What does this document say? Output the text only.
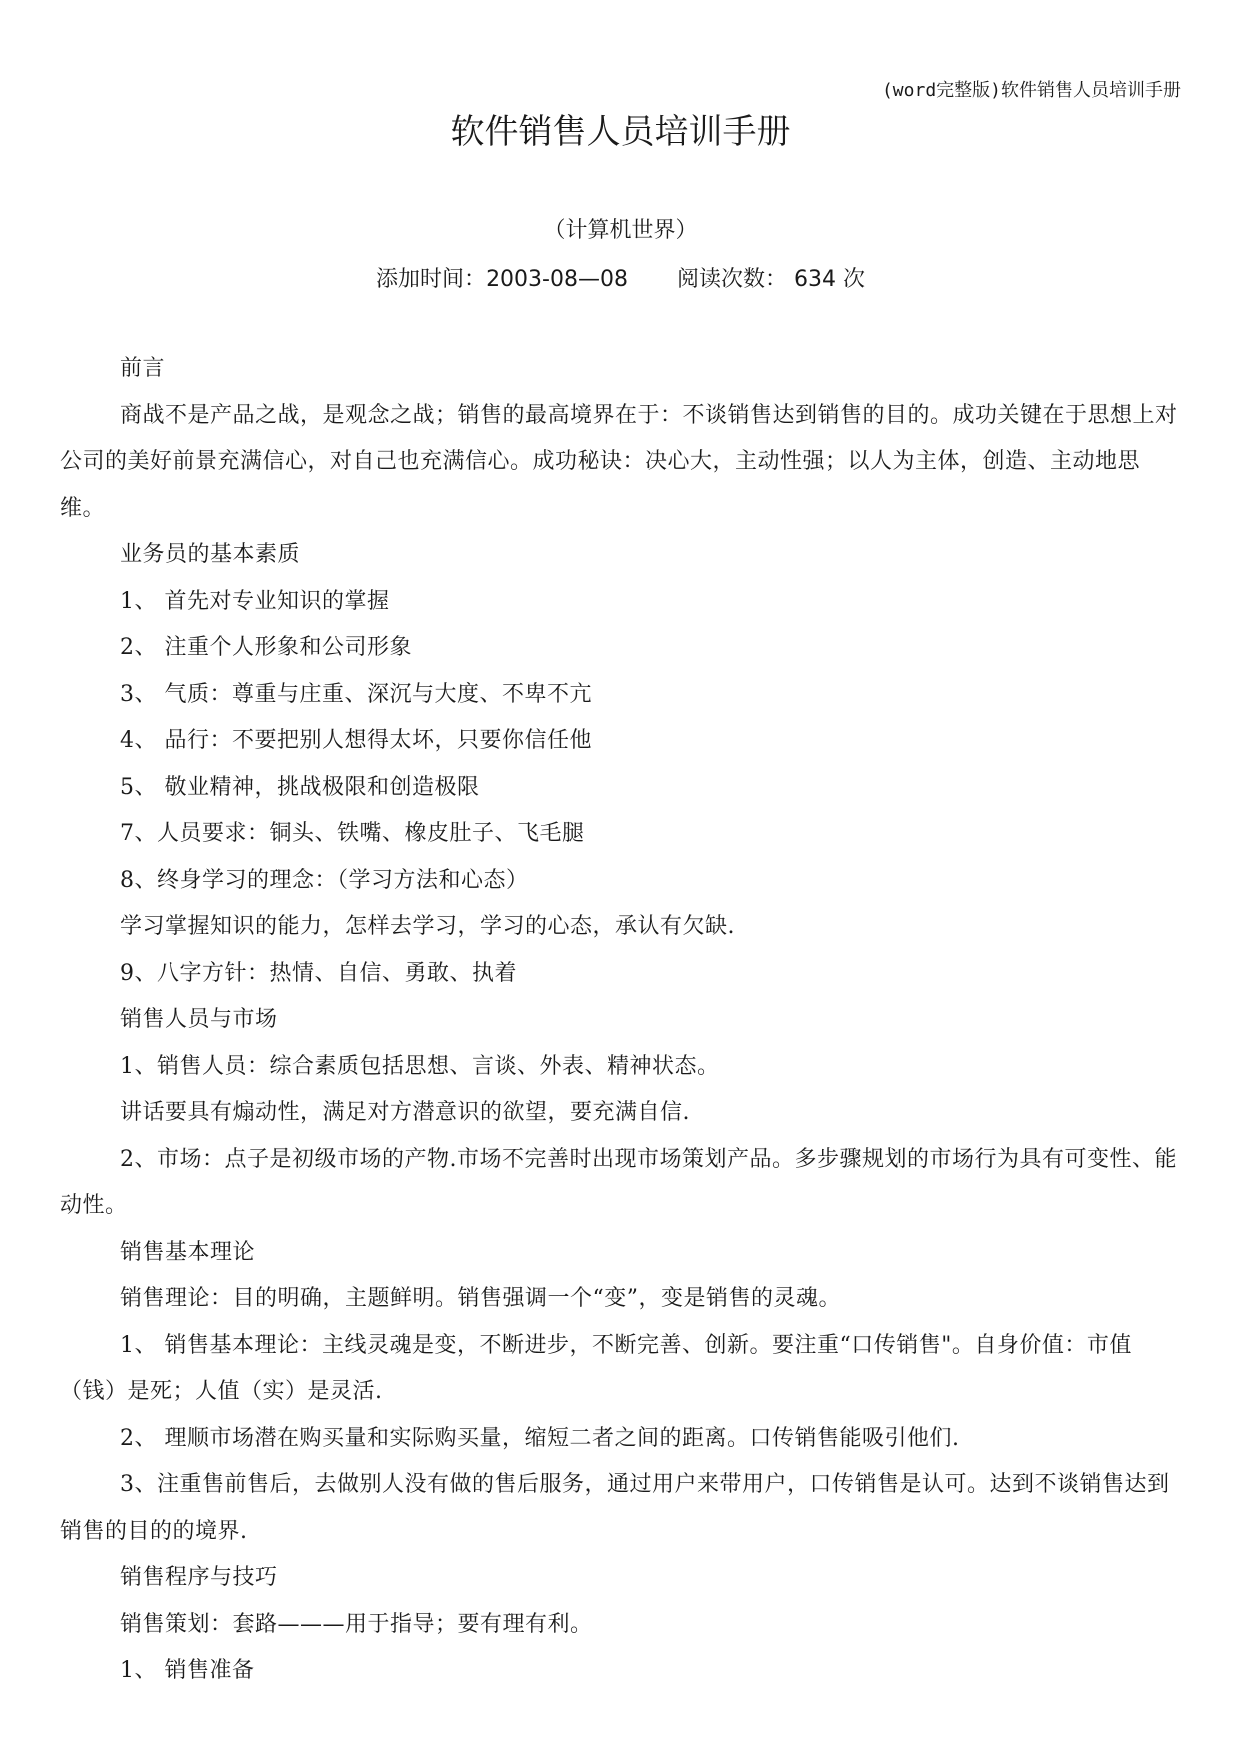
(word完整版)软件销售人员培训手册
软件销售人员培训手册
（计算机世界）
添加时间：2003-08—08 阅读次数： 634 次

前言

商战不是产品之战，是观念之战；销售的最高境界在于：不谈销售达到销售的目的。成功关键在于思想上对公司的美好前景充满信心，对自己也充满信心。成功秘诀：决心大，主动性强；以人为主体，创造、主动地思维。

业务员的基本素质

1、 首先对专业知识的掌握

2、 注重个人形象和公司形象

3、 气质：尊重与庄重、深沉与大度、不卑不亢

4、 品行：不要把别人想得太坏，只要你信任他

5、 敬业精神，挑战极限和创造极限

7、人员要求：铜头、铁嘴、橡皮肚子、飞毛腿

8、终身学习的理念：（学习方法和心态）

学习掌握知识的能力，怎样去学习，学习的心态，承认有欠缺.

9、八字方针：热情、自信、勇敢、执着

销售人员与市场

1、销售人员：综合素质包括思想、言谈、外表、精神状态。

讲话要具有煽动性，满足对方潜意识的欲望，要充满自信.

2、市场：点子是初级市场的产物.市场不完善时出现市场策划产品。多步骤规划的市场行为具有可变性、能动性。

销售基本理论

销售理论：目的明确，主题鲜明。销售强调一个“变”，变是销售的灵魂。

1、 销售基本理论：主线灵魂是变，不断进步，不断完善、创新。要注重“口传销售"。自身价值：市值（钱）是死；人值（实）是灵活.

2、 理顺市场潜在购买量和实际购买量，缩短二者之间的距离。口传销售能吸引他们.

3、注重售前售后，去做别人没有做的售后服务，通过用户来带用户，口传销售是认可。达到不谈销售达到销售的目的的境界.

销售程序与技巧

销售策划：套路———用于指导；要有理有利。

1、 销售准备
